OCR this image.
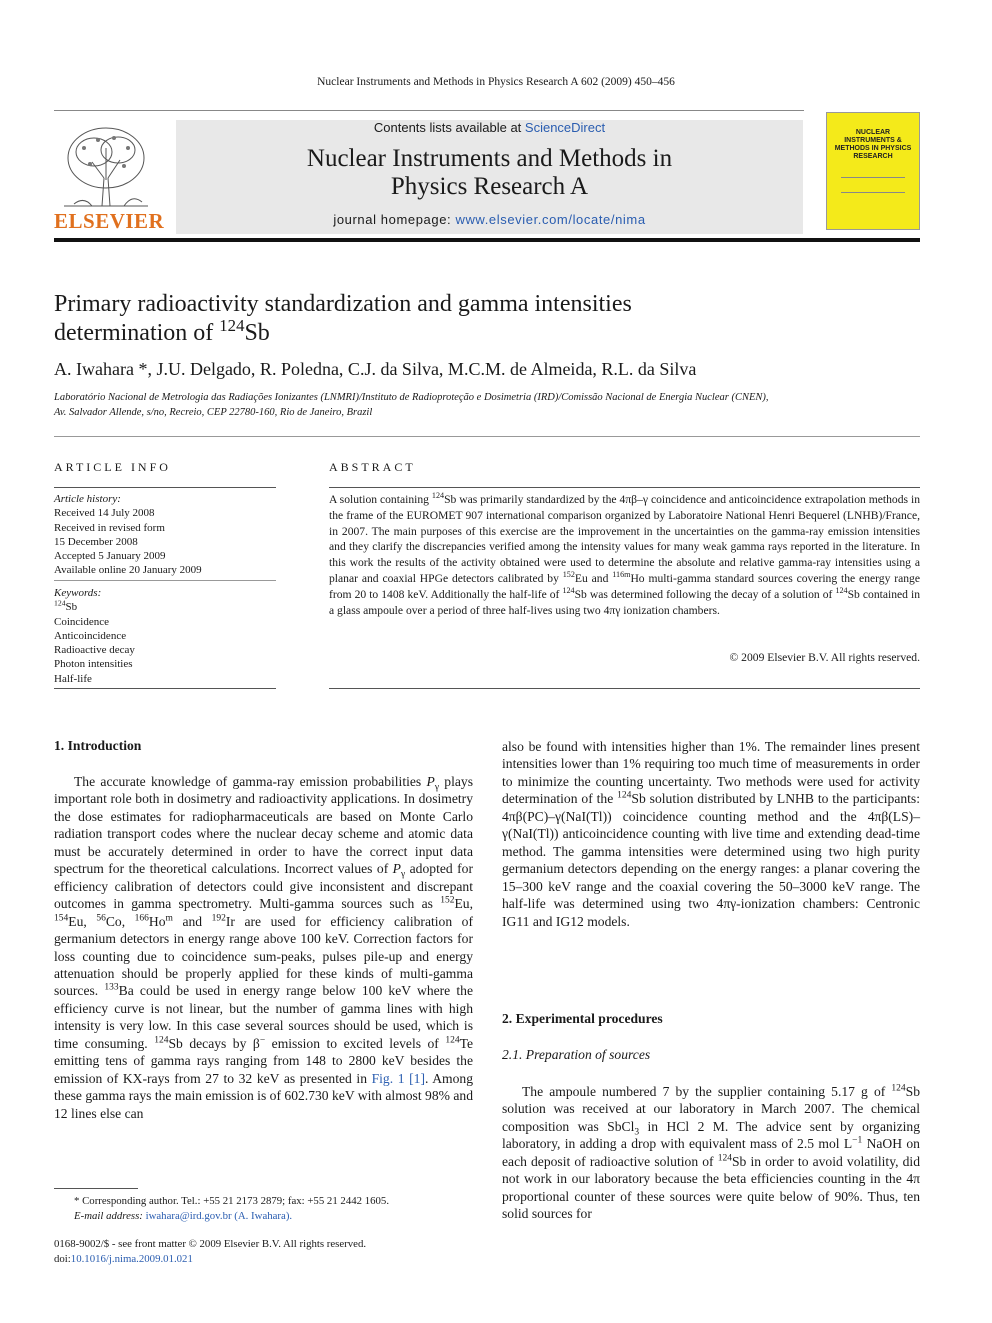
Nuclear Instruments and Methods in Physics Research A 602 (2009) 450–456
ELSEVIER
Contents lists available at ScienceDirect
Nuclear Instruments and Methods in
Physics Research A
journal homepage: www.elsevier.com/locate/nima
NUCLEAR INSTRUMENTS & METHODS IN PHYSICS RESEARCH
Primary radioactivity standardization and gamma intensities
determination of $^{124}$Sb
A. Iwahara *, J.U. Delgado, R. Poledna, C.J. da Silva, M.C.M. de Almeida, R.L. da Silva
Laboratório Nacional de Metrologia das Radiações Ionizantes (LNMRI)/Instituto de Radioproteção e Dosimetria (IRD)/Comissão Nacional de Energia Nuclear (CNEN),
Av. Salvador Allende, s/no, Recreio, CEP 22780-160, Rio de Janeiro, Brazil
ARTICLE INFO	ABSTRACT
Article history:
Received 14 July 2008
Received in revised form
15 December 2008
Accepted 5 January 2009
Available online 20 January 2009
Keywords:
$^{124}$Sb
Coincidence
Anticoincidence
Radioactive decay
Photon intensities
Half-life
A solution containing $^{124}$Sb was primarily standardized by the 4πβ–γ coincidence and anticoincidence extrapolation methods in the frame of the EUROMET 907 international comparison organized by Laboratoire National Henri Bequerel (LNHB)/France, in 2007. The main purposes of this exercise are the improvement in the uncertainties on the gamma-ray emission intensities and they clarify the discrepancies verified among the intensity values for many weak gamma rays reported in the literature. In this work the results of the activity obtained were used to determine the absolute and relative gamma-ray intensities using a planar and coaxial HPGe detectors calibrated by $^{152}$Eu and $^{116m}$Ho multi-gamma standard sources covering the energy range from 20 to 1408 keV. Additionally the half-life of $^{124}$Sb was determined following the decay of a solution of $^{124}$Sb contained in a glass ampoule over a period of three half-lives using two 4πγ ionization chambers.
© 2009 Elsevier B.V. All rights reserved.
1. Introduction

The accurate knowledge of gamma-ray emission probabilities $P_\gamma$ plays important role both in dosimetry and radioactivity applications. In dosimetry the dose estimates for radiopharmaceuticals are based on Monte Carlo radiation transport codes where the nuclear decay scheme and atomic data must be accurately determined in order to have the correct input data spectrum for the theoretical calculations. Incorrect values of $P_\gamma$ adopted for efficiency calibration of detectors could give inconsistent and discrepant outcomes in gamma spectrometry. Multi-gamma sources such as $^{152}$Eu, $^{154}$Eu, $^{56}$Co, $^{166}$Ho$^m$ and $^{192}$Ir are used for efficiency calibration of germanium detectors in energy range above 100 keV. Correction factors for loss counting due to coincidence sum-peaks, pulses pile-up and energy attenuation should be properly applied for these kinds of multi-gamma sources. $^{133}$Ba could be used in energy range below 100 keV where the efficiency curve is not linear, but the number of gamma lines with high intensity is very low. In this case several sources should be used, which is time consuming. $^{124}$Sb decays by β− emission to excited levels of $^{124}$Te emitting tens of gamma rays ranging from 148 to 2800 keV besides the emission of KX-rays from 27 to 32 keV as presented in Fig. 1 [1]. Among these gamma rays the main emission is of 602.730 keV with almost 98% and 12 lines else can

also be found with intensities higher than 1%. The remainder lines present intensities lower than 1% requiring too much time of measurements in order to minimize the counting uncertainty. Two methods were used for activity determination of the $^{124}$Sb solution distributed by LNHB to the participants: 4πβ(PC)–γ(NaI(Tl)) coincidence counting method and the 4πβ(LS)–γ(NaI(Tl)) anticoincidence counting with live time and extending dead-time method. The gamma intensities were determined using two high purity germanium detectors depending on the energy ranges: a planar covering the 15–300 keV range and the coaxial covering the 50–3000 keV range. The half-life was determined using two 4πγ-ionization chambers: Centronic IG11 and IG12 models.

2. Experimental procedures
2.1. Preparation of sources

The ampoule numbered 7 by the supplier containing 5.17 g of $^{124}$Sb solution was received at our laboratory in March 2007. The chemical composition was SbCl$_3$ in HCl 2 M. The advice sent by organizing laboratory, in adding a drop with equivalent mass of 2.5 mol $L^{-1}$ NaOH on each deposit of radioactive solution of $^{124}$Sb in order to avoid volatility, did not work in our laboratory because the beta efficiencies counting in the 4π proportional counter of these sources were quite below of 90%. Thus, ten solid sources for

* Corresponding author. Tel.: +55 21 2173 2879; fax: +55 21 2442 1605.
E-mail address: iwahara@ird.gov.br (A. Iwahara).
0168-9002/$ - see front matter © 2009 Elsevier B.V. All rights reserved.
doi:10.1016/j.nima.2009.01.021
